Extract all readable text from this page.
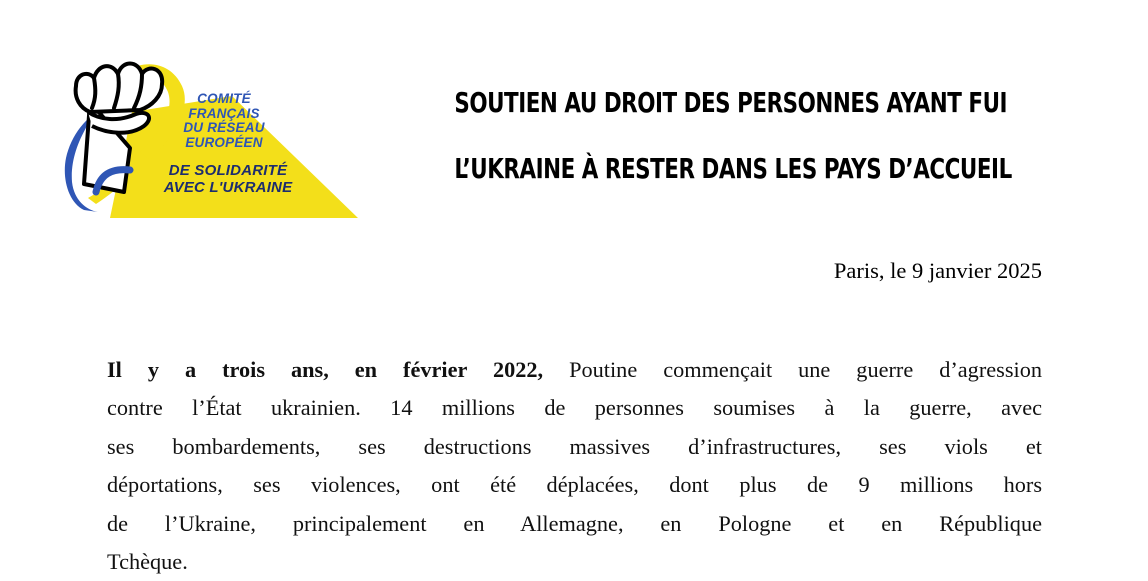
COMITÉ
FRANÇAIS
DU RÉSEAU
EUROPÉEN
DE SOLIDARITÉ
AVEC L'UKRAINE
SOUTIEN AU DROIT DES PERSONNES AYANT FUI
L’UKRAINE À RESTER DANS LES PAYS D’ACCUEIL
Paris, le 9 janvier 2025
Il y a trois ans, en février 2022, Poutine commençait une guerre d’agression
contre l’État ukrainien. 14 millions de personnes soumises à la guerre, avec
ses bombardements, ses destructions massives d’infrastructures, ses viols et
déportations, ses violences, ont été déplacées, dont plus de 9 millions hors
de l’Ukraine, principalement en Allemagne, en Pologne et en République
Tchèque.
